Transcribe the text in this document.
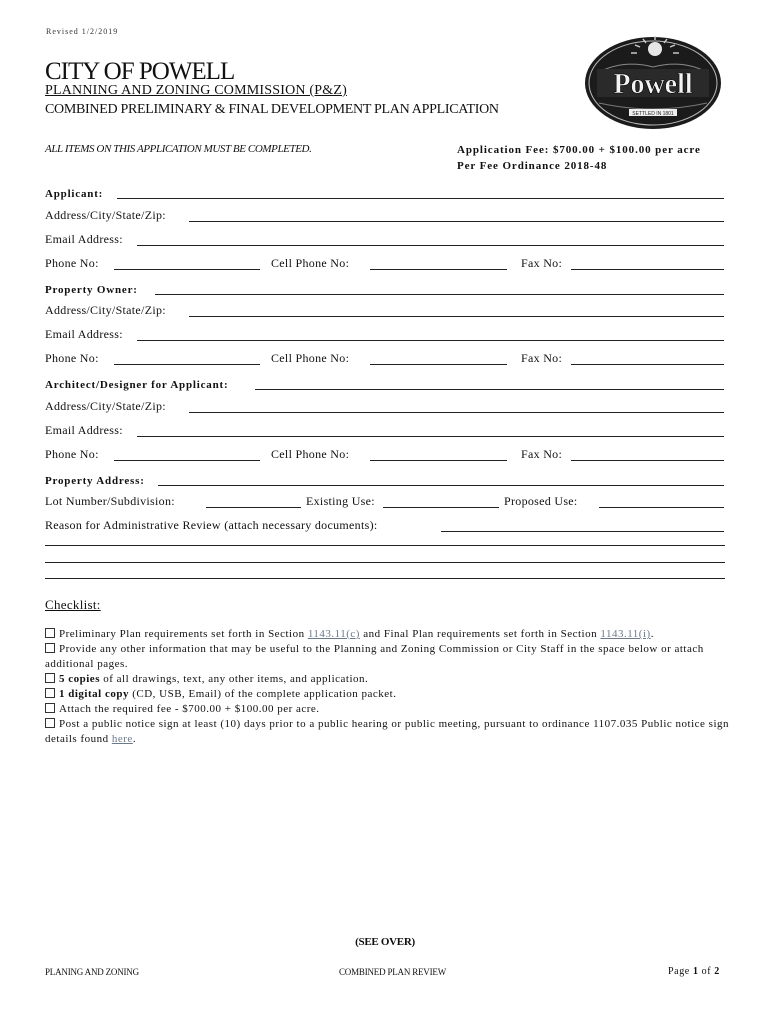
Revised 1/2/2019
CITY OF POWELL
PLANNING AND ZONING COMMISSION (P&Z)
COMBINED PRELIMINARY & FINAL DEVELOPMENT PLAN APPLICATION
Powell
SETTLED IN 1801
ALL ITEMS ON THIS APPLICATION MUST BE COMPLETED.	Application Fee: $700.00 + $100.00 per acre
Per Fee Ordinance 2018-48
Applicant:
Address/City/State/Zip:
Email Address:
Phone No:	Cell Phone No:	Fax No:
Property Owner:
Address/City/State/Zip:
Email Address:
Phone No:	Cell Phone No:	Fax No:
Architect/Designer for Applicant:
Address/City/State/Zip:
Email Address:
Phone No:	Cell Phone No:	Fax No:
Property Address:
Lot Number/Subdivision:	Existing Use:	Proposed Use:
Reason for Administrative Review (attach necessary documents):
Checklist:
Preliminary Plan requirements set forth in Section 1143.11(c) and Final Plan requirements set forth in Section 1143.11(i).
Provide any other information that may be useful to the Planning and Zoning Commission or City Staff in the space below or attach additional pages.
5 copies of all drawings, text, any other items, and application.
1 digital copy (CD, USB, Email) of the complete application packet.
Attach the required fee - $700.00 + $100.00 per acre.
Post a public notice sign at least (10) days prior to a public hearing or public meeting, pursuant to ordinance 1107.035 Public notice sign details found here.
(SEE OVER)
PLANING AND ZONING	COMBINED PLAN REVIEW	Page 1 of 2
